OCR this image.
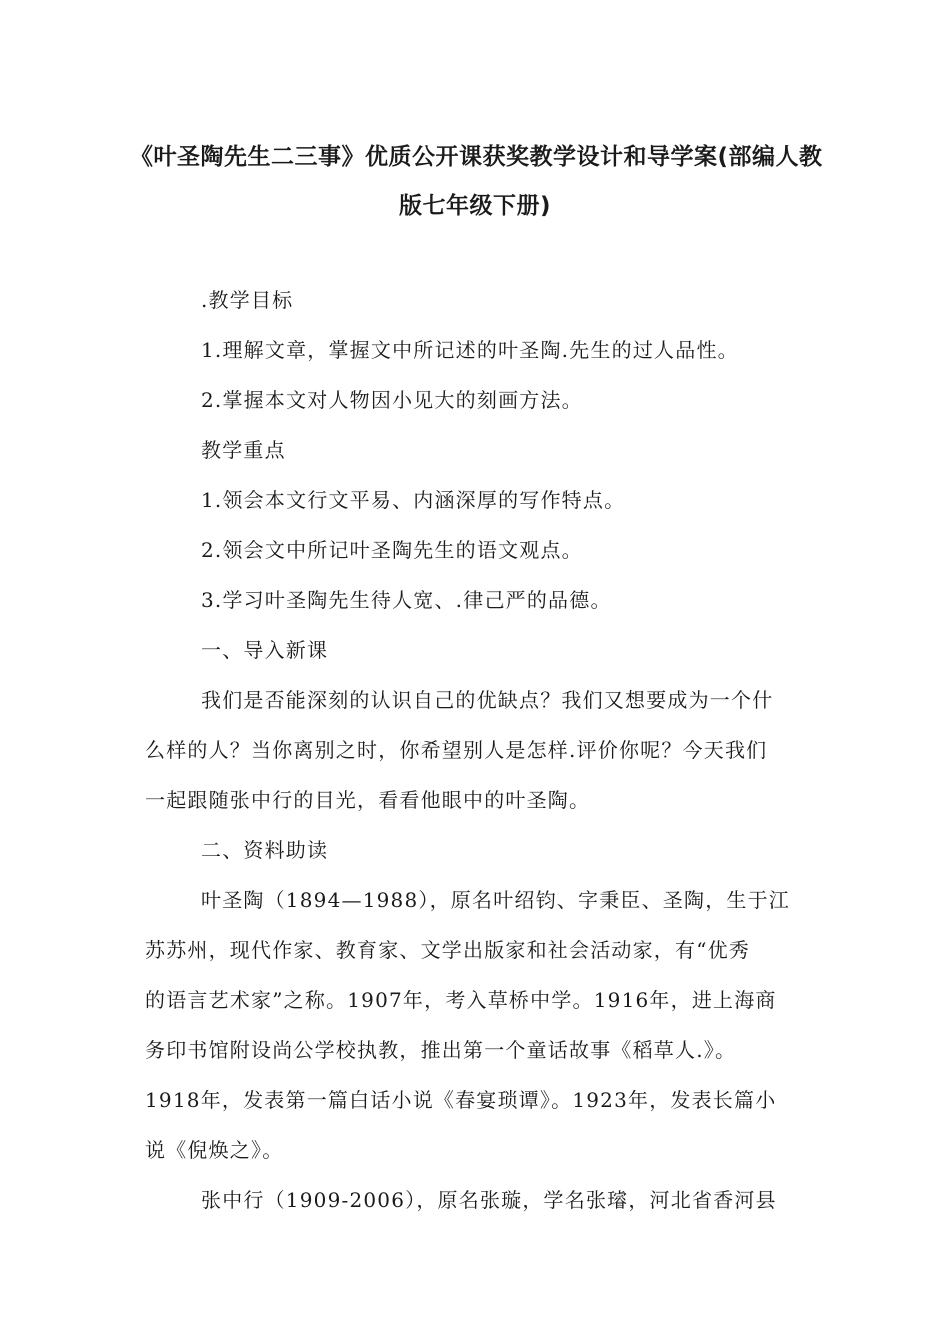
《叶圣陶先生二三事》优质公开课获奖教学设计和导学案(部编人教
版七年级下册)
.教学目标
1.理解文章，掌握文中所记述的叶圣陶.先生的过人品性。
2.掌握本文对人物因小见大的刻画方法。
教学重点
1.领会本文行文平易、内涵深厚的写作特点。
2.领会文中所记叶圣陶先生的语文观点。
3.学习叶圣陶先生待人宽、.律己严的品德。
一、导入新课
我们是否能深刻的认识自己的优缺点？我们又想要成为一个什
么样的人？当你离别之时，你希望别人是怎样.评价你呢？今天我们
一起跟随张中行的目光，看看他眼中的叶圣陶。
二、资料助读
叶圣陶（1894—1988），原名叶绍钧、字秉臣、圣陶，生于江
苏苏州，现代作家、教育家、文学出版家和社会活动家，有“优秀
的语言艺术家”之称。1907年，考入草桥中学。1916年，进上海商
务印书馆附设尚公学校执教，推出第一个童话故事《稻草人.》。
1918年，发表第一篇白话小说《春宴琐谭》。1923年，发表长篇小
说《倪焕之》。
张中行（1909-2006），原名张璇，学名张璿，河北省香河县
